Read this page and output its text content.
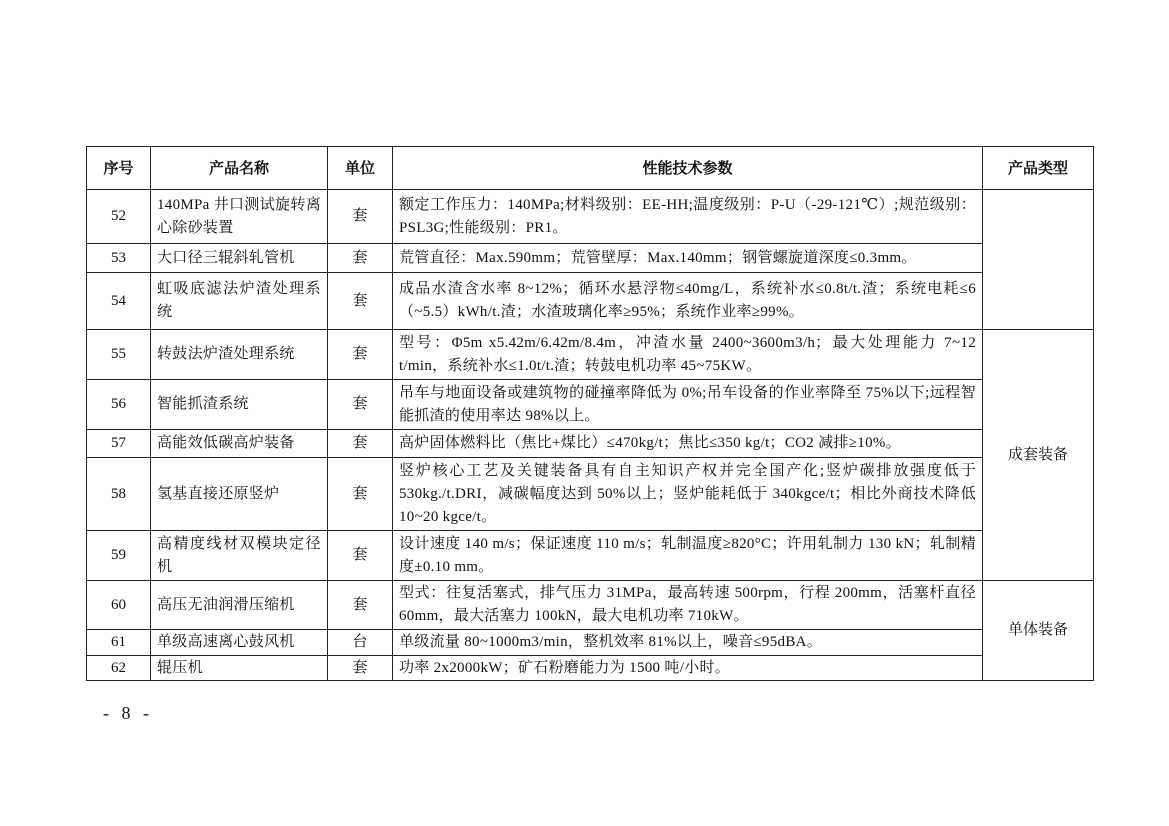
序号	产品名称	单位	性能技术参数	产品类型
52	140MPa 井口测试旋转离心除砂装置	套	额定工作压力：140MPa;材料级别：EE-HH;温度级别：P-U（-29-121℃）;规范级别：PSL3G;性能级别：PR1。	
53	大口径三辊斜轧管机	套	荒管直径：Max.590mm；荒管壁厚：Max.140mm；钢管螺旋道深度≤0.3mm。	
54	虹吸底滤法炉渣处理系统	套	成品水渣含水率 8~12%；循环水悬浮物≤40mg/L，系统补水≤0.8t/t.渣；系统电耗≤6（~5.5）kWh/t.渣；水渣玻璃化率≥95%；系统作业率≥99%。	
55	转鼓法炉渣处理系统	套	型号：Φ5m x5.42m/6.42m/8.4m，冲渣水量 2400~3600m3/h；最大处理能力 7~12 t/min，系统补水≤1.0t/t.渣；转鼓电机功率 45~75KW。	成套装备
56	智能抓渣系统	套	吊车与地面设备或建筑物的碰撞率降低为 0%;吊车设备的作业率降至 75%以下;远程智能抓渣的使用率达 98%以上。	
57	高能效低碳高炉装备	套	高炉固体燃料比（焦比+煤比）≤470kg/t；焦比≤350 kg/t；CO2 减排≥10%。	
58	氢基直接还原竖炉	套	竖炉核心工艺及关键装备具有自主知识产权并完全国产化;竖炉碳排放强度低于 530kg./t.DRI，减碳幅度达到 50%以上；竖炉能耗低于 340kgce/t；相比外商技术降低 10~20 kgce/t。	
59	高精度线材双模块定径机	套	设计速度 140 m/s；保证速度 110 m/s；轧制温度≥820°C；许用轧制力 130 kN；轧制精度±0.10 mm。	
60	高压无油润滑压缩机	套	型式：往复活塞式，排气压力 31MPa，最高转速 500rpm，行程 200mm，活塞杆直径 60mm，最大活塞力 100kN，最大电机功率 710kW。	单体装备
61	单级高速离心鼓风机	台	单级流量 80~1000m3/min，整机效率 81%以上，噪音≤95dBA。	
62	辊压机	套	功率 2x2000kW；矿石粉磨能力为 1500 吨/小时。	
- 8 -
